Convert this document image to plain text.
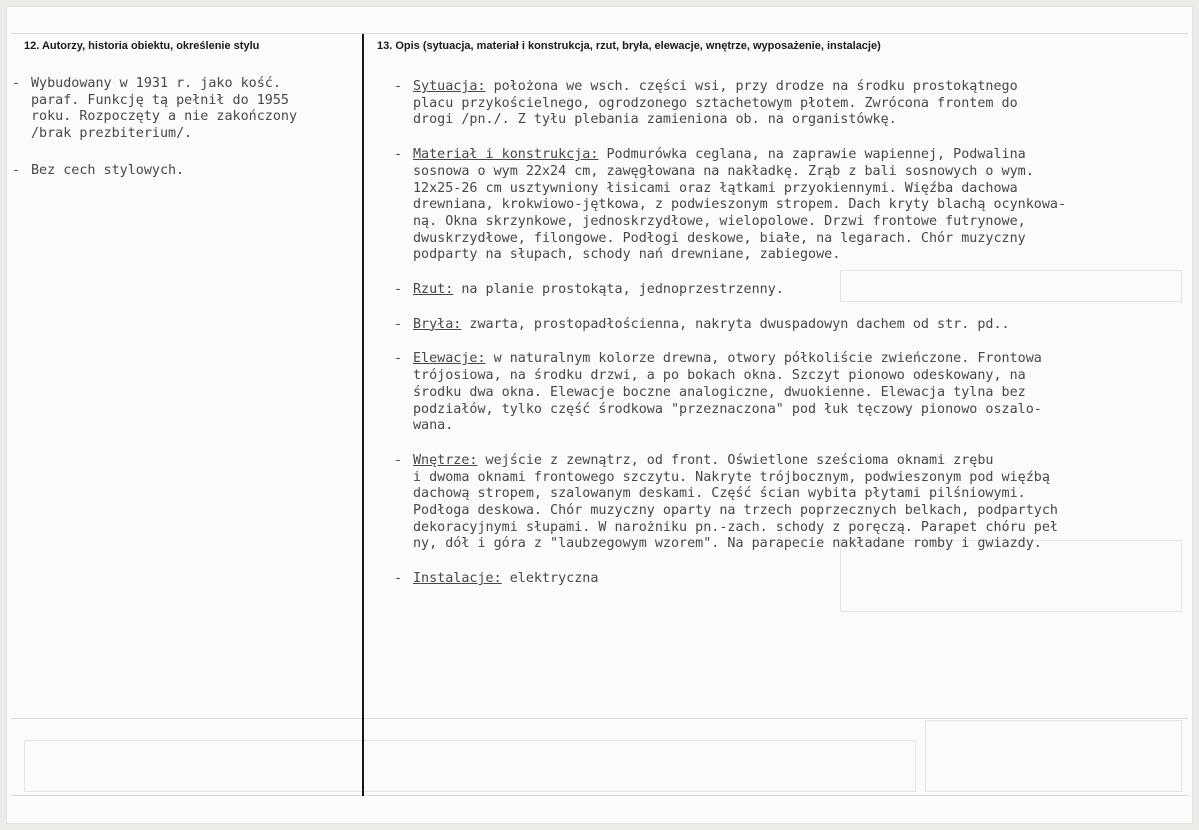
12. Autorzy, historia obiektu, określenie stylu	13. Opis (sytuacja, materiał i konstrukcja, rzut, bryła, elewacje, wnętrze, wyposażenie, instalacje)
- Wybudowany w 1931 r. jako kość.
paraf. Funkcję tą pełnił do 1955
roku. Rozpoczęty a nie zakończony
/brak prezbiterium/.
- Bez cech stylowych.
- Sytuacja: położona we wsch. części wsi, przy drodze na środku prostokątnego
placu przykościelnego, ogrodzonego sztachetowym płotem. Zwrócona frontem do
drogi /pn./. Z tyłu plebania zamieniona ob. na organistówkę.
- Materiał i konstrukcja: Podmurówka ceglana, na zaprawie wapiennej, Podwalina
sosnowa o wym 22x24 cm, zawęgłowana na nakładkę. Zrąb z bali sosnowych o wym.
12x25-26 cm usztywniony łisicami oraz łątkami przyokiennymi. Więźba dachowa
drewniana, krokwiowo-jętkowa, z podwieszonym stropem. Dach kryty blachą ocynkowa-
ną. Okna skrzynkowe, jednoskrzydłowe, wielopolowe. Drzwi frontowe futrynowe,
dwuskrzydłowe, filongowe. Podłogi deskowe, białe, na legarach. Chór muzyczny
podparty na słupach, schody nań drewniane, zabiegowe.
- Rzut: na planie prostokąta, jednoprzestrzenny.
- Bryła: zwarta, prostopadłościenna, nakryta dwuspadowyn dachem od str. pd..
- Elewacje: w naturalnym kolorze drewna, otwory półkoliście zwieńczone. Frontowa
trójosiowa, na środku drzwi, a po bokach okna. Szczyt pionowo odeskowany, na
środku dwa okna. Elewacje boczne analogiczne, dwuokienne. Elewacja tylna bez
podziałów, tylko część środkowa "przeznaczona" pod łuk tęczowy pionowo oszalo-
wana.
- Wnętrze: wejście z zewnątrz, od front. Oświetlone sześcioma oknami zrębu
i dwoma oknami frontowego szczytu. Nakryte trójbocznym, podwieszonym pod więźbą
dachową stropem, szalowanym deskami. Część ścian wybita płytami pilśniowymi.
Podłoga deskowa. Chór muzyczny oparty na trzech poprzecznych belkach, podpartych
dekoracyjnymi słupami. W narożniku pn.-zach. schody z poręczą. Parapet chóru peł
ny, dół i góra z "laubzegowym wzorem". Na parapecie nakładane romby i gwiazdy.
- Instalacje: elektryczna
